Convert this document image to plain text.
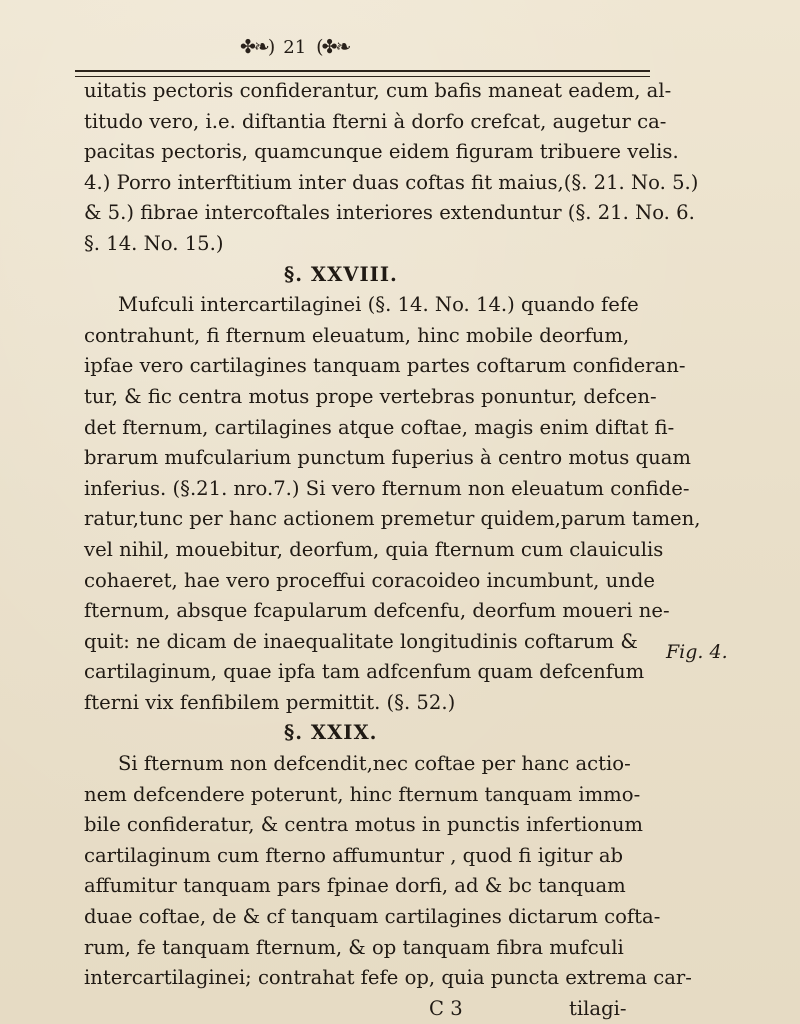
✤❧) 21 (✤❧
uitatis pectoris confiderantur, cum bafis maneat eadem, al-
titudo vero, i.e. diftantia fterni à dorfo crefcat, augetur ca-
pacitas pectoris, quamcunque eidem figuram tribuere velis.
4.) Porro interftitium inter duas coftas fit maius,(§. 21. No. 5.)
& 5.) fibrae intercoftales interiores extenduntur (§. 21. No. 6.
§. 14. No. 15.)
§. XXVIII.
Mufculi intercartilaginei (§. 14. No. 14.) quando fefe
contrahunt, fi fternum eleuatum, hinc mobile deorfum,
ipfae vero cartilagines tanquam partes coftarum confideran-
tur, & fic centra motus prope vertebras ponuntur, defcen-
det fternum, cartilagines atque coftae, magis enim diftat fi-
brarum mufcularium punctum fuperius à centro motus quam
inferius. (§.21. nro.7.) Si vero fternum non eleuatum confide-
ratur,tunc per hanc actionem premetur quidem,parum tamen,
vel nihil, mouebitur, deorfum, quia fternum cum clauiculis
cohaeret, hae vero proceffui coracoideo incumbunt, unde
fternum, absque fcapularum defcenfu, deorfum moueri ne-
quit: ne dicam de inaequalitate longitudinis coftarum &
cartilaginum, quae ipfa tam adfcenfum quam defcenfum
fterni vix fenfibilem permittit. (§. 52.)
§. XXIX.
Si fternum non defcendit,nec coftae per hanc actio-
nem defcendere poterunt, hinc fternum tanquam immo-
bile confideratur, & centra motus in punctis infertionum
cartilaginum cum fterno affumuntur , quod fi igitur ab
affumitur tanquam pars fpinae dorfi, ad & bc tanquam
duae coftae, de & cf tanquam cartilagines dictarum cofta-
rum, fe tanquam fternum, & op tanquam fibra mufculi
intercartilaginei; contrahat fefe op, quia puncta extrema car-
C 3	tilagi-
Fig. 4.
